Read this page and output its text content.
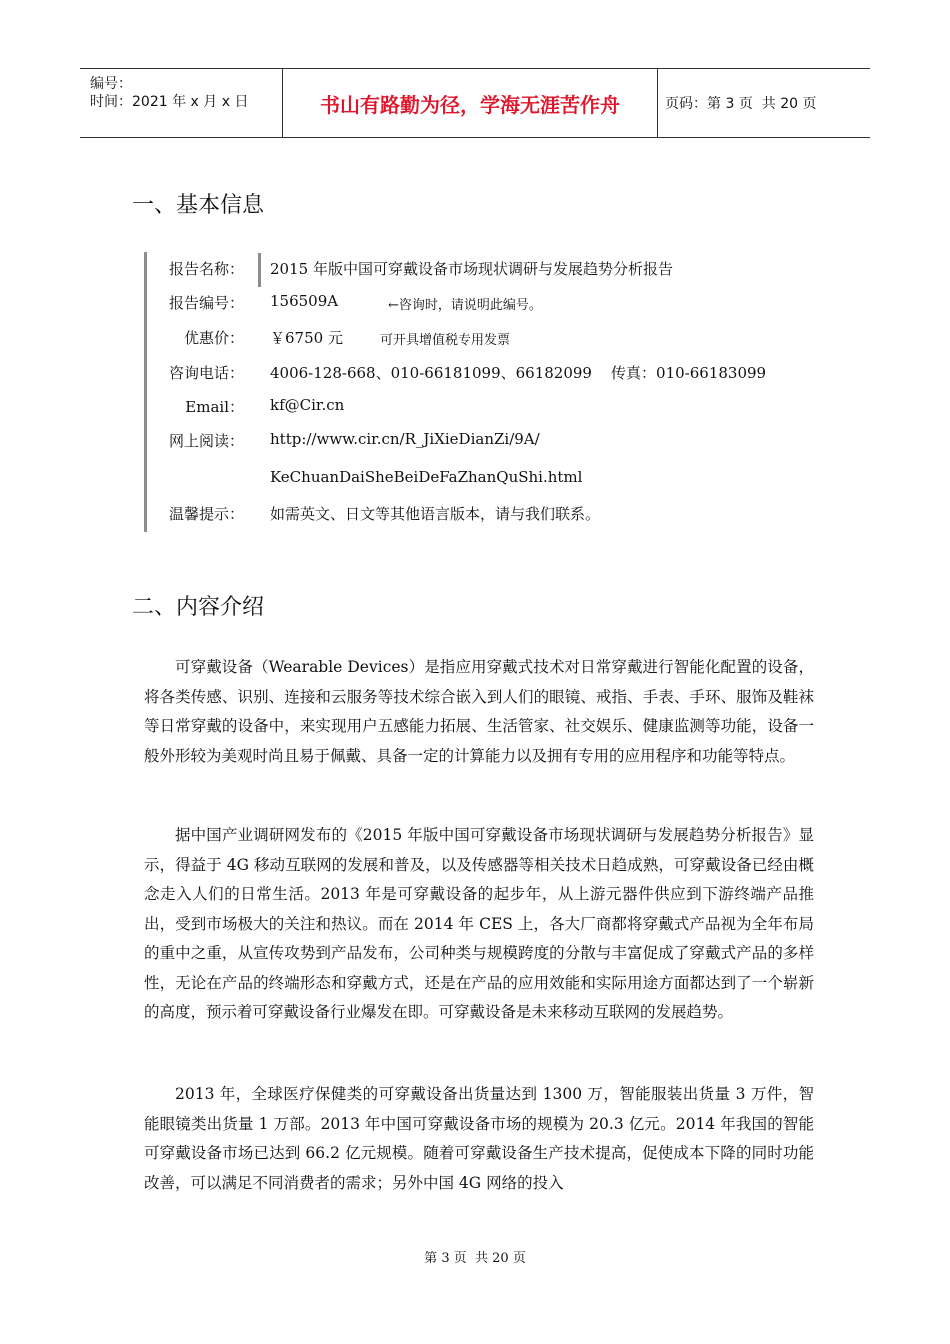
编号：
时间：2021 年 x 月 x 日	书山有路勤为径，学海无涯苦作舟	页码：第 3 页  共 20 页
一、基本信息
报告名称： 2015 年版中国可穿戴设备市场现状调研与发展趋势分析报告
报告编号： 156509A	←咨询时，请说明此编号。
优惠价： ￥6750 元	可开具增值税专用发票
咨询电话： 4006-128-668、010-66181099、66182099    传真：010-66183099
Email： kf@Cir.cn
网上阅读： http://www.cir.cn/R_JiXieDianZi/9A/
KeChuanDaiSheBeiDeFaZhanQuShi.html
温馨提示： 如需英文、日文等其他语言版本，请与我们联系。
二、内容介绍

可穿戴设备（Wearable Devices）是指应用穿戴式技术对日常穿戴进行智能化配置的设备，将各类传感、识别、连接和云服务等技术综合嵌入到人们的眼镜、戒指、手表、手环、服饰及鞋袜等日常穿戴的设备中，来实现用户五感能力拓展、生活管家、社交娱乐、健康监测等功能，设备一般外形较为美观时尚且易于佩戴、具备一定的计算能力以及拥有专用的应用程序和功能等特点。

据中国产业调研网发布的《2015 年版中国可穿戴设备市场现状调研与发展趋势分析报告》显示，得益于 4G 移动互联网的发展和普及，以及传感器等相关技术日趋成熟，可穿戴设备已经由概念走入人们的日常生活。2013 年是可穿戴设备的起步年，从上游元器件供应到下游终端产品推出，受到市场极大的关注和热议。而在 2014 年 CES 上，各大厂商都将穿戴式产品视为全年布局的重中之重，从宣传攻势到产品发布，公司种类与规模跨度的分散与丰富促成了穿戴式产品的多样性，无论在产品的终端形态和穿戴方式，还是在产品的应用效能和实际用途方面都达到了一个崭新的高度，预示着可穿戴设备行业爆发在即。可穿戴设备是未来移动互联网的发展趋势。

2013 年，全球医疗保健类的可穿戴设备出货量达到 1300 万，智能服装出货量 3 万件，智能眼镜类出货量 1 万部。2013 年中国可穿戴设备市场的规模为 20.3 亿元。2014 年我国的智能可穿戴设备市场已达到 66.2 亿元规模。随着可穿戴设备生产技术提高，促使成本下降的同时功能改善，可以满足不同消费者的需求；另外中国 4G 网络的投入

第 3 页  共 20 页
